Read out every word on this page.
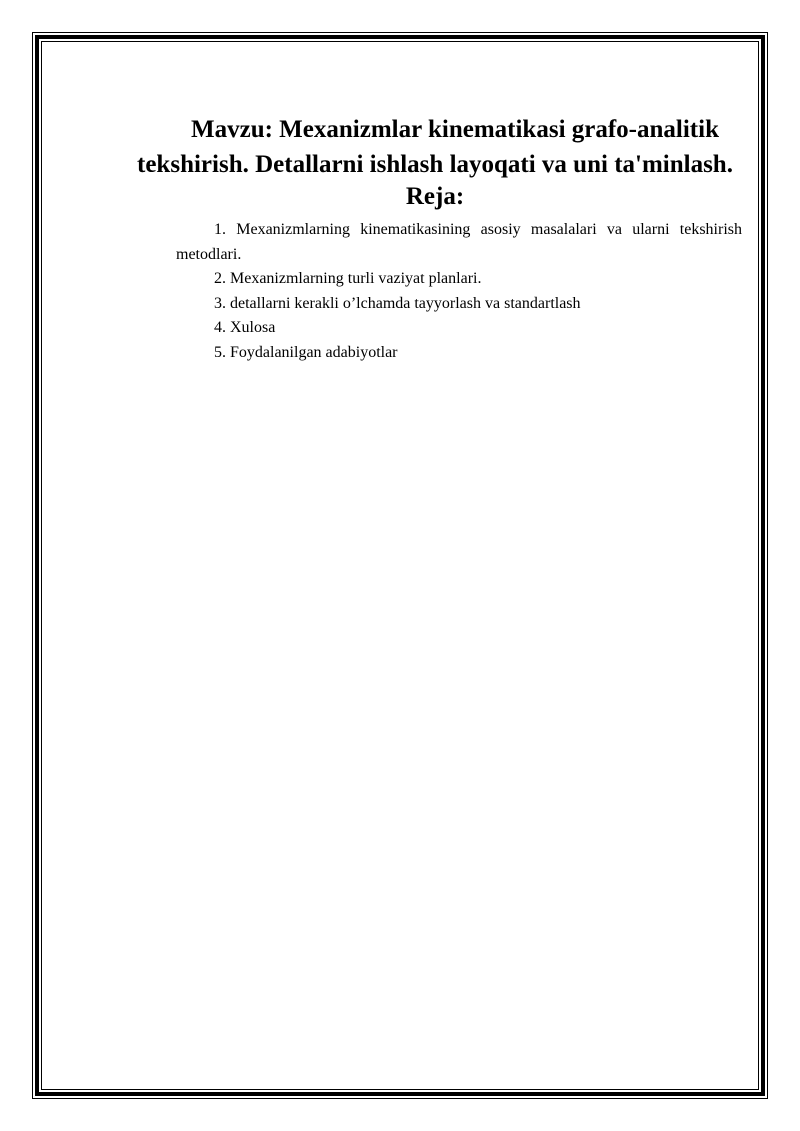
Mavzu: Mexanizmlar kinematikasi grafo-analitik
tekshirish. Detallarni ishlash layoqati va uni ta'minlash.
Reja:
1. Mexanizmlarning kinematikasining asosiy masalalari va ularni tekshirish metodlari.
2. Mexanizmlarning turli vaziyat planlari.
3. detallarni kerakli o’lchamda tayyorlash va standartlash
4. Xulosa
5. Foydalanilgan adabiyotlar
